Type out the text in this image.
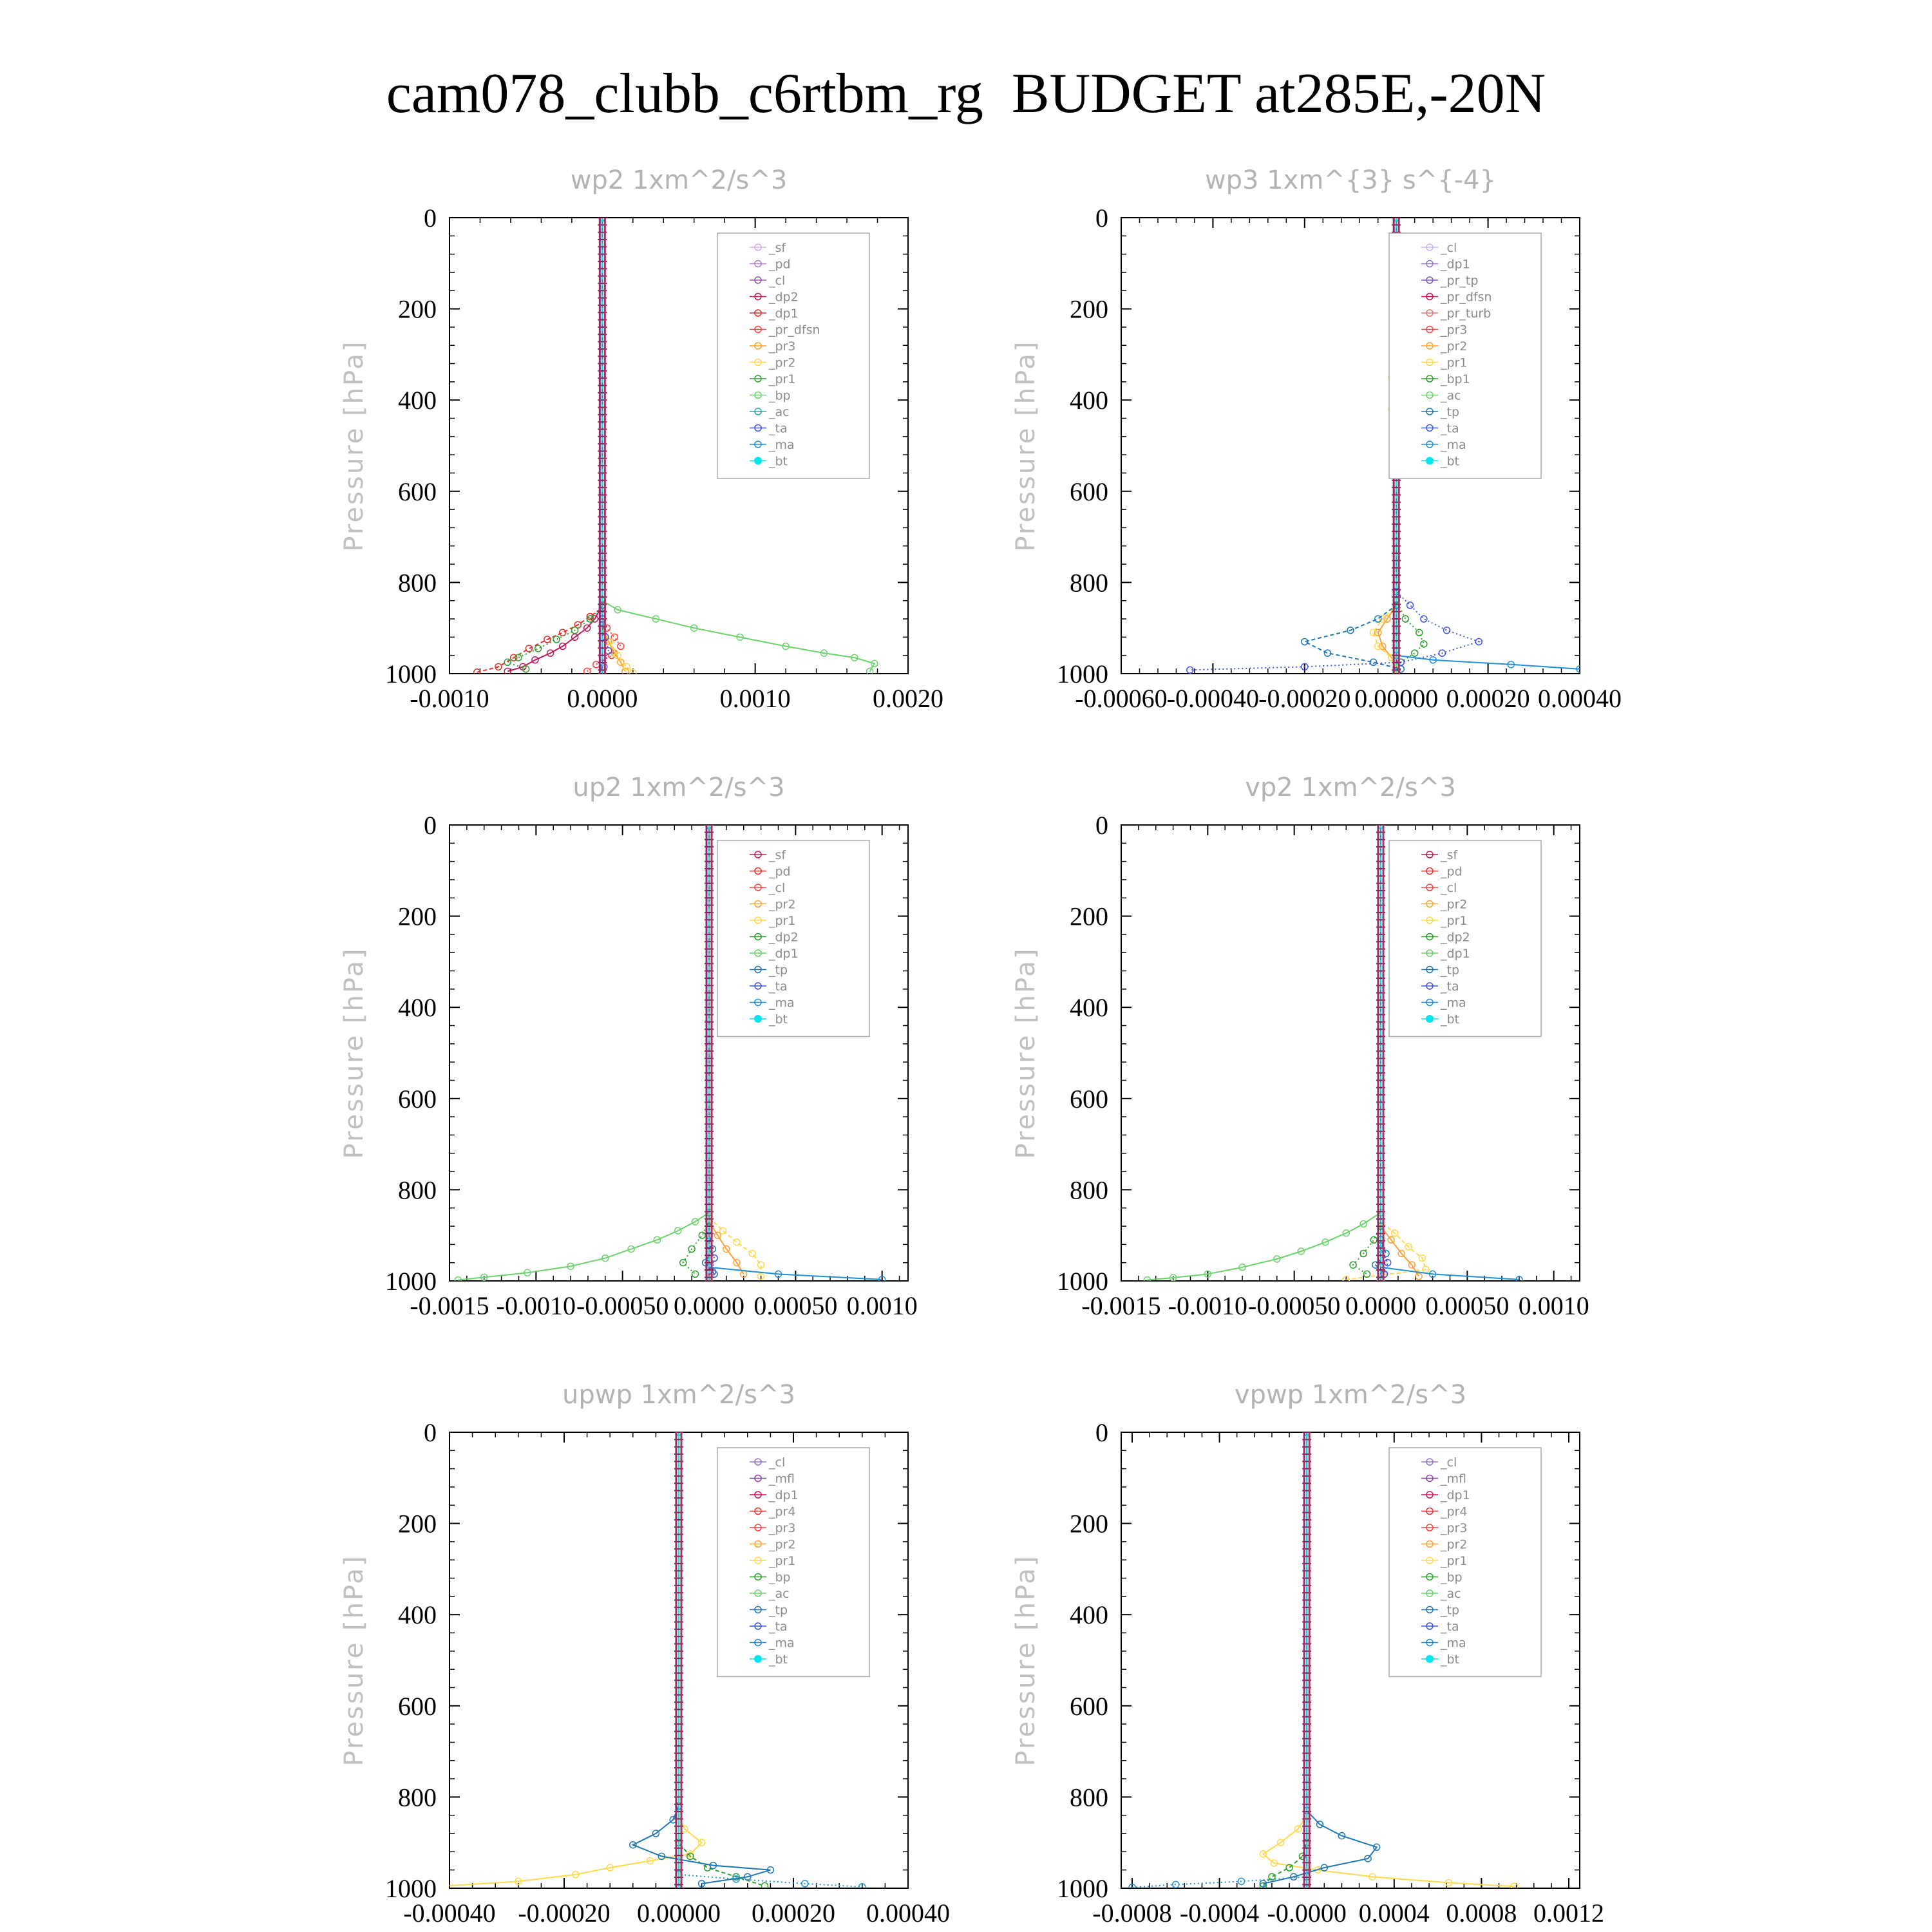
cam078_clubb_c6rtbm_rg  BUDGET at285E,-20N
wp2 1xm^2/s^3
Pressure [hPa]
-0.0010	0.0000	0.0010	0.0020
0
200
400
600
800
1000
_sf
_pd
_cl
_dp2
_dp1
_pr_dfsn
_pr3
_pr2
_pr1
_bp
_ac
_ta
_ma
_bt
wp3 1xm^{3} s^{-4}
Pressure [hPa]
-0.00060 -0.00040 -0.00020 0.00000 0.00020 0.00040
0
200
400
600
800
1000
_cl
_dp1
_pr_tp
_pr_dfsn
_pr_turb
_pr3
_pr2
_pr1
_bp1
_ac
_tp
_ta
_ma
_bt
up2 1xm^2/s^3
Pressure [hPa]
-0.0015 -0.0010 -0.00050 0.0000 0.00050 0.0010
0
200
400
600
800
1000
_sf
_pd
_cl
_pr2
_pr1
_dp2
_dp1
_tp
_ta
_ma
_bt
vp2 1xm^2/s^3
Pressure [hPa]
-0.0015 -0.0010 -0.00050 0.0000 0.00050 0.0010
0
200
400
600
800
1000
_sf
_pd
_cl
_pr2
_pr1
_dp2
_dp1
_tp
_ta
_ma
_bt
upwp 1xm^2/s^3
Pressure [hPa]
-0.00040 -0.00020 0.00000 0.00020 0.00040
0
200
400
600
800
1000
_cl
_mfl
_dp1
_pr4
_pr3
_pr2
_pr1
_bp
_ac
_tp
_ta
_ma
_bt
vpwp 1xm^2/s^3
Pressure [hPa]
-0.0008 -0.0004 -0.0000 0.0004 0.0008 0.0012
0
200
400
600
800
1000
_cl
_mfl
_dp1
_pr4
_pr3
_pr2
_pr1
_bp
_ac
_tp
_ta
_ma
_bt
